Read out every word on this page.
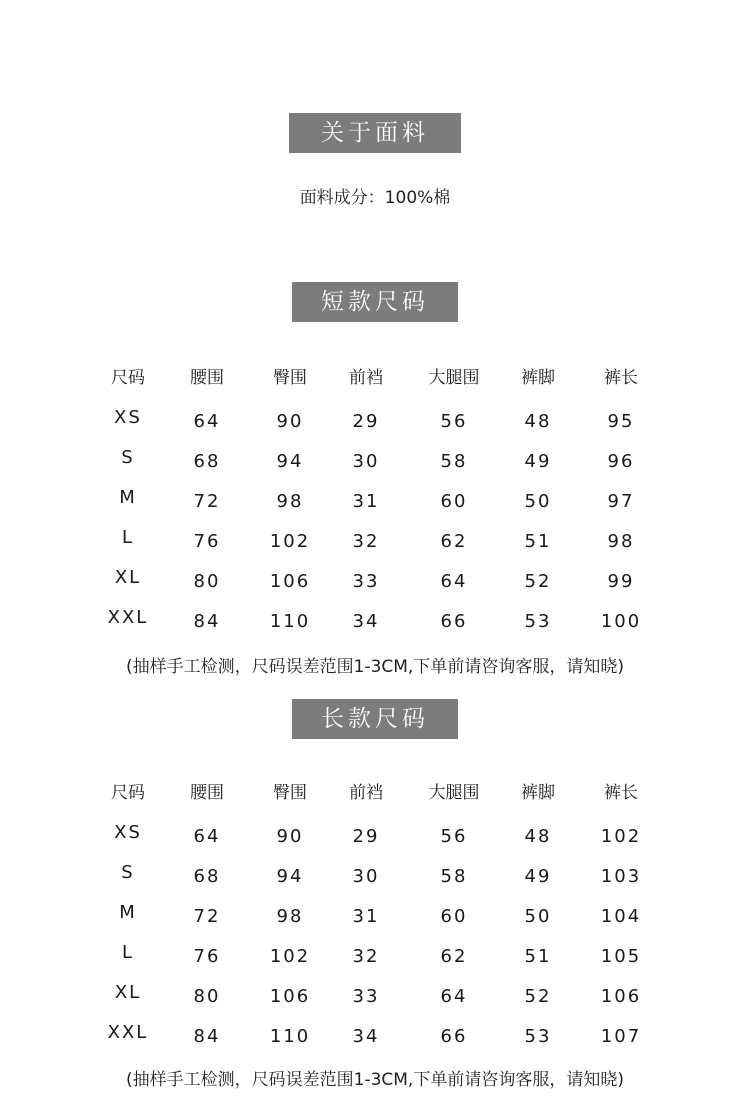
关于面料
面料成分：100%棉
短款尺码
尺码	腰围	臀围	前裆	大腿围	裤脚	裤长
XS	64	90	29	56	48	95
S	68	94	30	58	49	96
M	72	98	31	60	50	97
L	76	102	32	62	51	98
XL	80	106	33	64	52	99
XXL	84	110	34	66	53	100
(抽样手工检测，尺码误差范围1-3CM,下单前请咨询客服，请知晓)
长款尺码
尺码	腰围	臀围	前裆	大腿围	裤脚	裤长
XS	64	90	29	56	48	102
S	68	94	30	58	49	103
M	72	98	31	60	50	104
L	76	102	32	62	51	105
XL	80	106	33	64	52	106
XXL	84	110	34	66	53	107
(抽样手工检测，尺码误差范围1-3CM,下单前请咨询客服，请知晓)
